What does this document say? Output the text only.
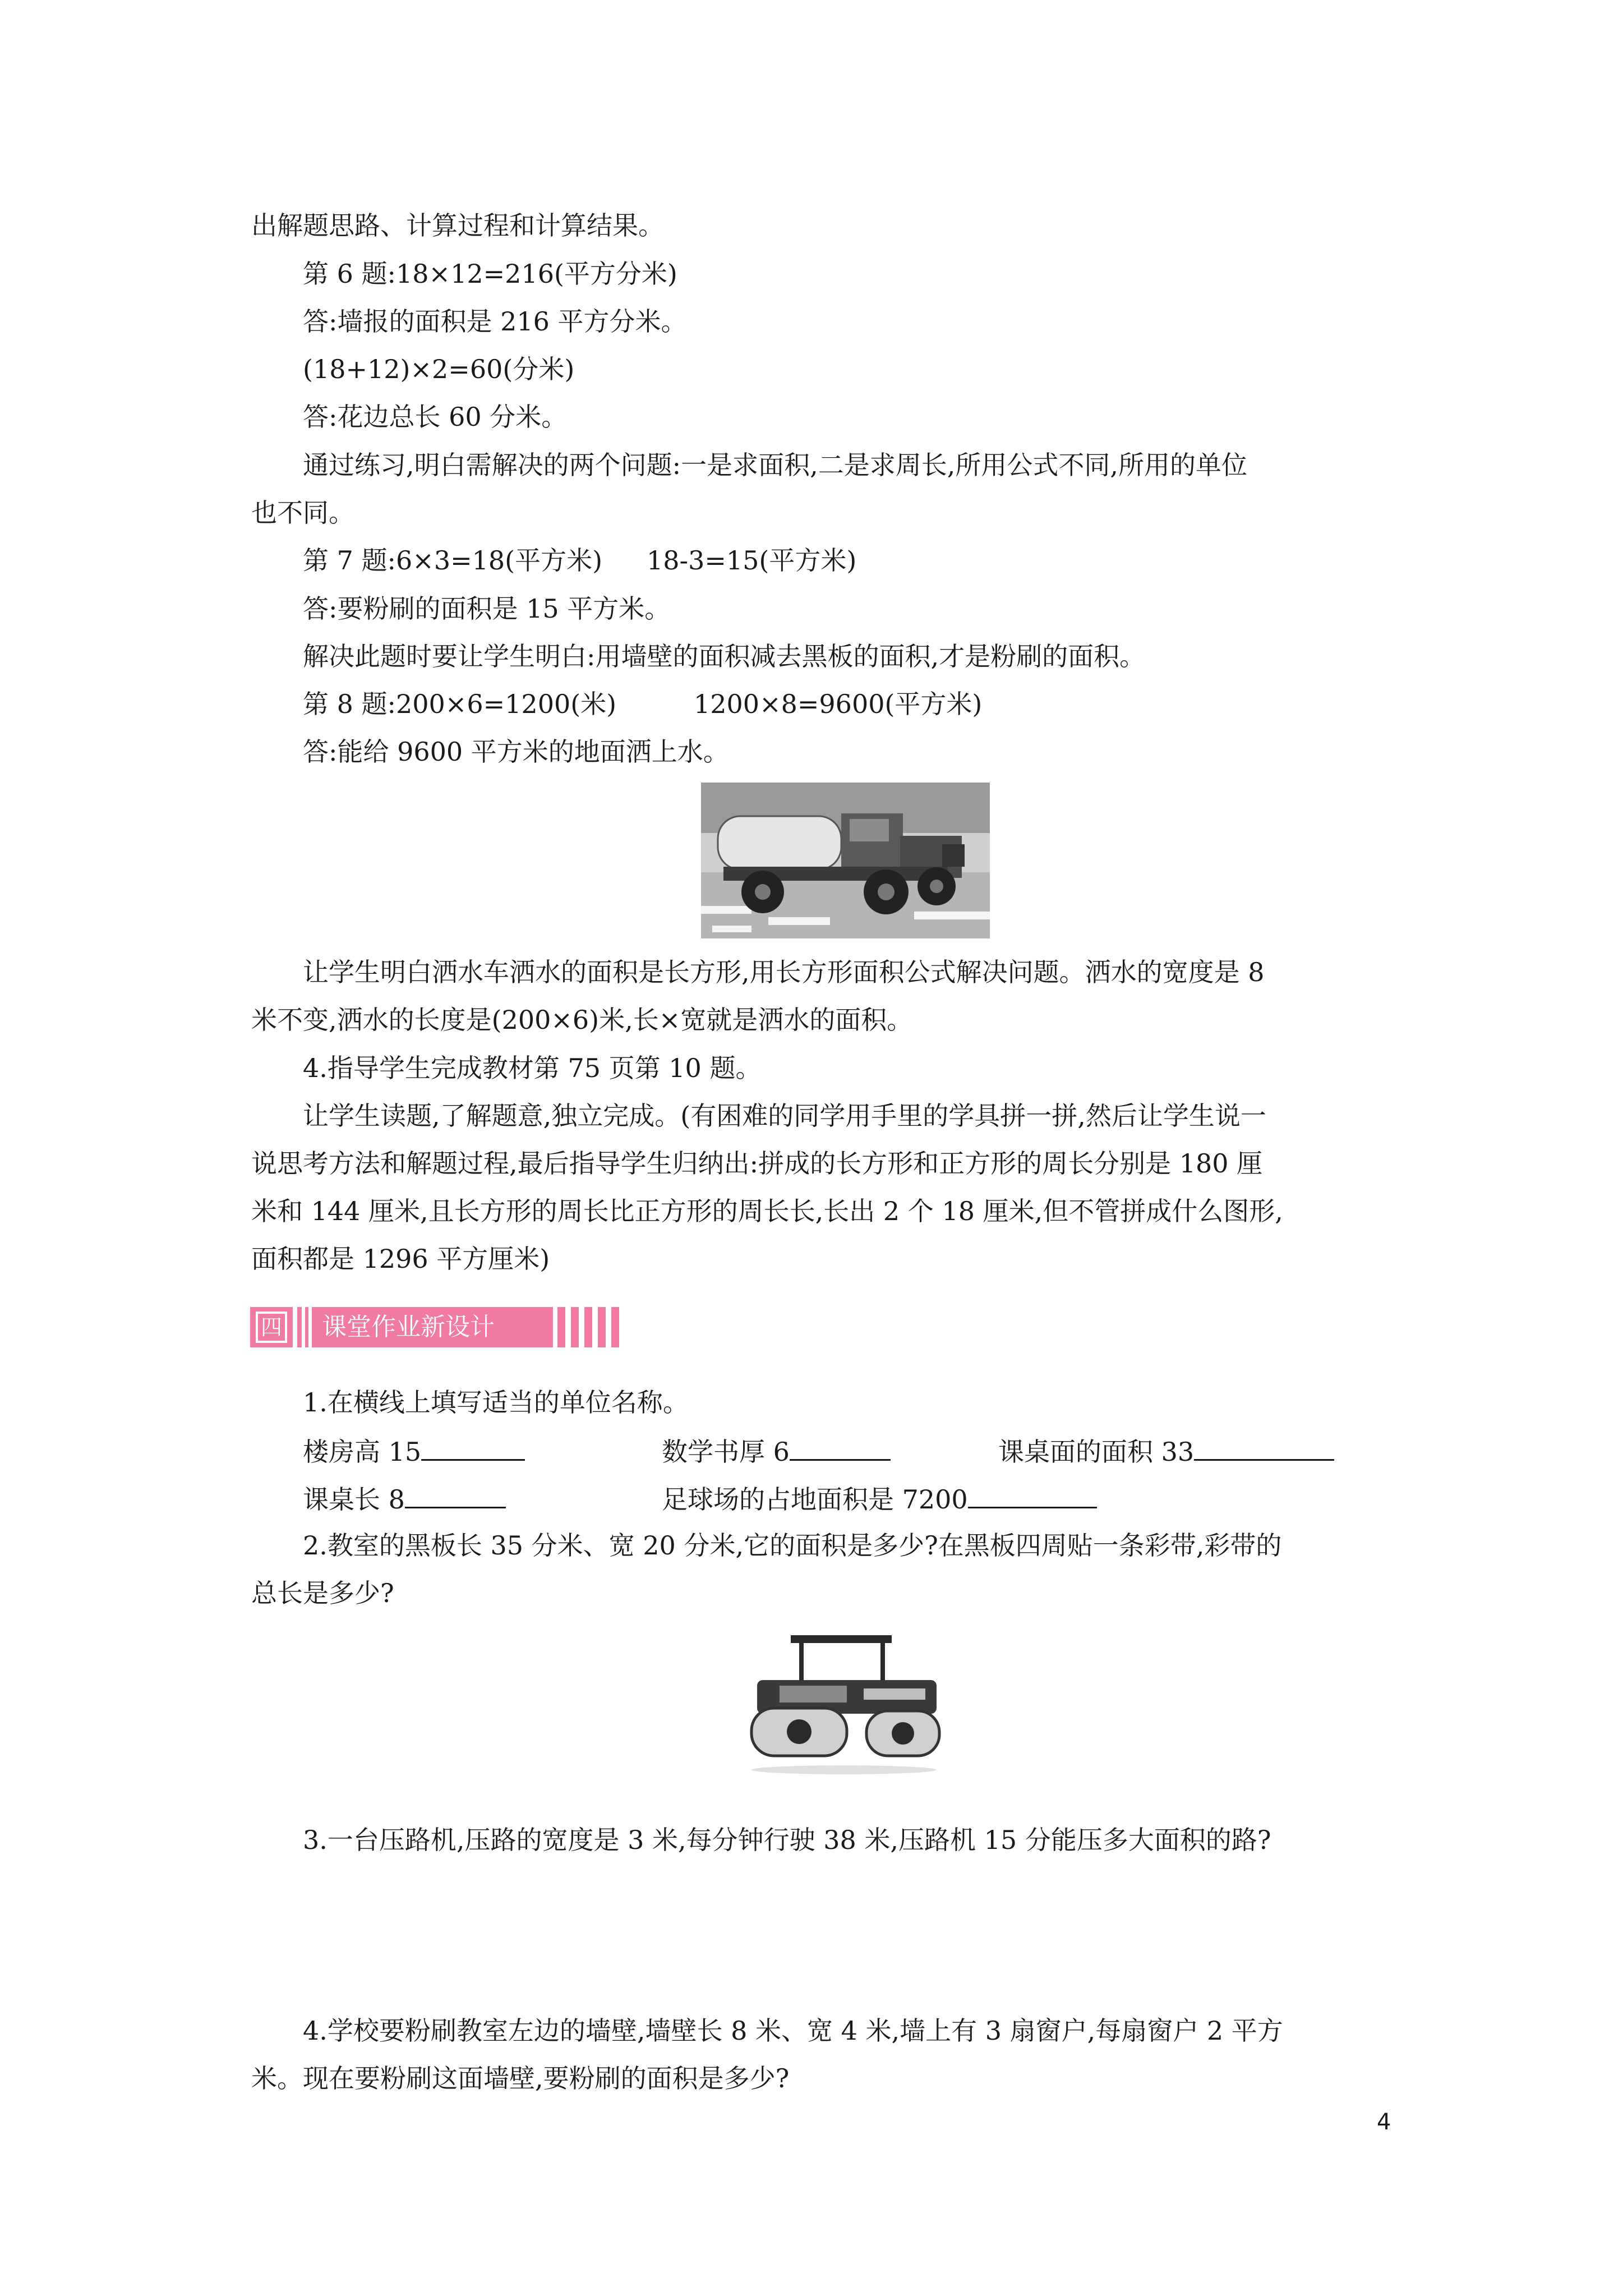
出解题思路、计算过程和计算结果。
第 6 题:18×12=216(平方分米)
答:墙报的面积是 216 平方分米。
(18+12)×2=60(分米)
答:花边总长 60 分米。
通过练习,明白需解决的两个问题:一是求面积,二是求周长,所用公式不同,所用的单位
也不同。
第 7 题:6×3=18(平方米) 18-3=15(平方米)
答:要粉刷的面积是 15 平方米。
解决此题时要让学生明白:用墙壁的面积减去黑板的面积,才是粉刷的面积。
第 8 题:200×6=1200(米)	1200×8=9600(平方米)
答:能给 9600 平方米的地面洒上水。
让学生明白洒水车洒水的面积是长方形,用长方形面积公式解决问题。洒水的宽度是 8
米不变,洒水的长度是(200×6)米,长×宽就是洒水的面积。
4.指导学生完成教材第 75 页第 10 题。
让学生读题,了解题意,独立完成。(有困难的同学用手里的学具拼一拼,然后让学生说一
说思考方法和解题过程,最后指导学生归纳出:拼成的长方形和正方形的周长分别是 180 厘
米和 144 厘米,且长方形的周长比正方形的周长长,长出 2 个 18 厘米,但不管拼成什么图形,
面积都是 1296 平方厘米)
四	课堂作业新设计
1.在横线上填写适当的单位名称。
楼房高 15	数学书厚 6	课桌面的面积 33
课桌长 8	足球场的占地面积是 7200
2.教室的黑板长 35 分米、宽 20 分米,它的面积是多少?在黑板四周贴一条彩带,彩带的
总长是多少?
3.一台压路机,压路的宽度是 3 米,每分钟行驶 38 米,压路机 15 分能压多大面积的路?
4.学校要粉刷教室左边的墙壁,墙壁长 8 米、宽 4 米,墙上有 3 扇窗户,每扇窗户 2 平方
米。现在要粉刷这面墙壁,要粉刷的面积是多少?
4
